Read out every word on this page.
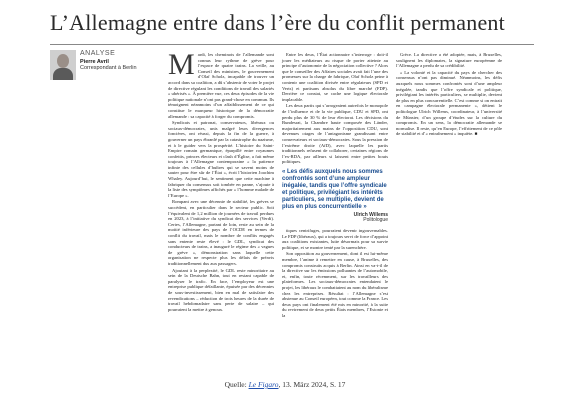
L’Allemagne entre dans l’ère du conflit permanent
ANALYSE
Pierre Avril
Correspondant à Berlin	Mardi, les cheminots de l’allemande sont connus leur rythme de grève pour l’espace de quatre trains. La veille, au Conseil des ministres, le gouvernement d’Olaf Scholz, incapable de trouver un accord dans sa coalition, a dû s’abstenir de voter le projet de directive régulant les conditions de travail des salariés « ubérisés ». À première vue, ces deux épisodes de la vie politique nationale n’ont pas grand-chose en commun. Ils témoignent néanmoins d’un affaiblissement de ce qui constitue le marqueur historique de la démocratie allemande : sa capacité à forger du compromis.

Syndicats et patronat, conservateurs, libéraux ou sociaux-démocrates, unis malgré leurs divergences foncières, ont réussi, depuis la fin de la guerre, à gouverner un pays ébranlé par la catastrophe du nazisme, et à le guider vers la prospérité. L’histoire du Saint-Empire romain germanique, éparpillé entre royaumes confettis, princes électeurs et clash d’Église, a fait même toujours à l’Allemagne contemporaine « la patience infinie des cellules d’huîtres qui se savent moins de sauter pour être sûr de l’État », écrit l’historien Joachim Whaley. Aujourd’hui, le sentiment que cette machine à fabriquer du consensus soit tombée en panne, s’ajoute à la liste des symptômes affichés par « l’homme malade de l’Europe ».

Rompant avec une décennie de stabilité, les grèves se succèdent, en particulier dans le secteur public. Soit l’équivalent de 1,2 million de journées de travail perdues en 2023, à l’initiative du syndicat des services (Verdi). Certes, l’Allemagne, partant de loin, reste au sein de la moitié inférieure des pays de l’OCDE en termes de conflit du travail, mais le nombre de conflits engagés sans entente reste élevé : le GDL, syndicat des conducteurs de trains, a inauguré le régime des « vagues de grève », démonstration sans laquelle cette organisation ne respecte plus les délais de préavis traditionnellement dus aux passagers.

Ajoutant à la perplexité, le GDL reste minoritaire au sein de la Deutsche Bahn, tout en restant capable de paralyser le trafic. En face, l’employeur est une entreprise publique défaillante, épuisée par des décennies de sous-investissement, bien en mal de satisfaire des revendications – réduction de trois heures de la durée de travail hebdomadaire sans perte de salaire – qui pourraient la mettre à genoux.

Entre les deux, l’État actionnaire s’interroge : doit-il jouer les médiateurs au risque de porter atteinte au principe d’autonomie de la négociation collective ? Alors que le conseiller des Affaires sociales avait fait l’une des promesses sur la charge de fabrique, Olaf Scholz peine à contenir une coalition divisée entre régulateurs (SPD et Verts) et partisans absolus du libre marché (FDP). Derrière ce constat, se cache une logique électorale implacable.

Les deux partis qui s’arrogeaient autrefois le monopole de l’influence et de la vie publique, CDU et SPD, ont perdu plus de 30 % de leur électorat. Les décisions du Bundesrat, la Chambre haute composée des Länder, majoritairement aux mains de l’opposition CDU, sont devenues otages de l’antagonisme grandissant entre conservateurs et sociaux-démocrates. Sous la pression de l’extrême droite (AfD), avec laquelle les partis traditionnels refusent de collaborer, certaines régions de l’ex-RDA, par ailleurs si laissent entre petites bouts politiques.

« Les défis auxquels nous sommes confrontés sont d’une ampleur inégalée, tandis que l’offre syndicale et politique, privilégiant les intérêts particuliers, se multiplie, devient de plus en plus concurrentielle »
Ulrich Willems
Politologue

tiques centrifuges, pourraient devenir ingouvernables. Le FDP (libéraux), qui a toujours servi de force d’appoint aux coalitions existantes, lutte désormais pour sa survie politique, et se montre tenté par la surenchère.

Son opposition au gouvernement, dont il est lui-même membre, l’anime à remettre en cause, à Bruxelles, des compromis construits acquis à Berlin. Ainsi en va-t-il de la directive sur les émissions polluantes de l’automobile, et, enfin, toute récemment, sur les travailleurs des plateformes. Les sociaux-démocrates entendaient le projet, les libéraux le combattaient au nom du libéralisme chez les entreprises. Résultat : l’Allemagne s’est abstenue au Conseil européen, tout comme la France. Les deux pays ont finalement été mis en minorité, à la suite du revirement de deux petits États membres, l’Estonie et la

Grèce. La directive a été adoptée, mais, à Bruxelles, soulignent les diplomates, la signature européenne de l’Allemagne a perdu de sa crédibilité.

« La volonté et la capacité du pays de chercher des consensus n’ont pas diminué. Néanmoins, les défis auxquels nous sommes confrontés sont d’une ampleur inégalée, tandis que l’offre syndicale et politique, privilégiant les intérêts particuliers, se multiplie, devient de plus en plus concurrentielle. C’est comme si on entrait en campagne électorale permanente », détient le politologue Ulrich Willems, coordinateur, à l’université de Münster, d’un groupe d’études sur la culture du compromis. En un sens, la démocratie allemande se normalise. Il reste, qu’en Europe, l’effritement de ce pôle de stabilité et d’« entraînement » inquiète. ■

Quelle: Le Figaro, 13. März 2024, S. 17
